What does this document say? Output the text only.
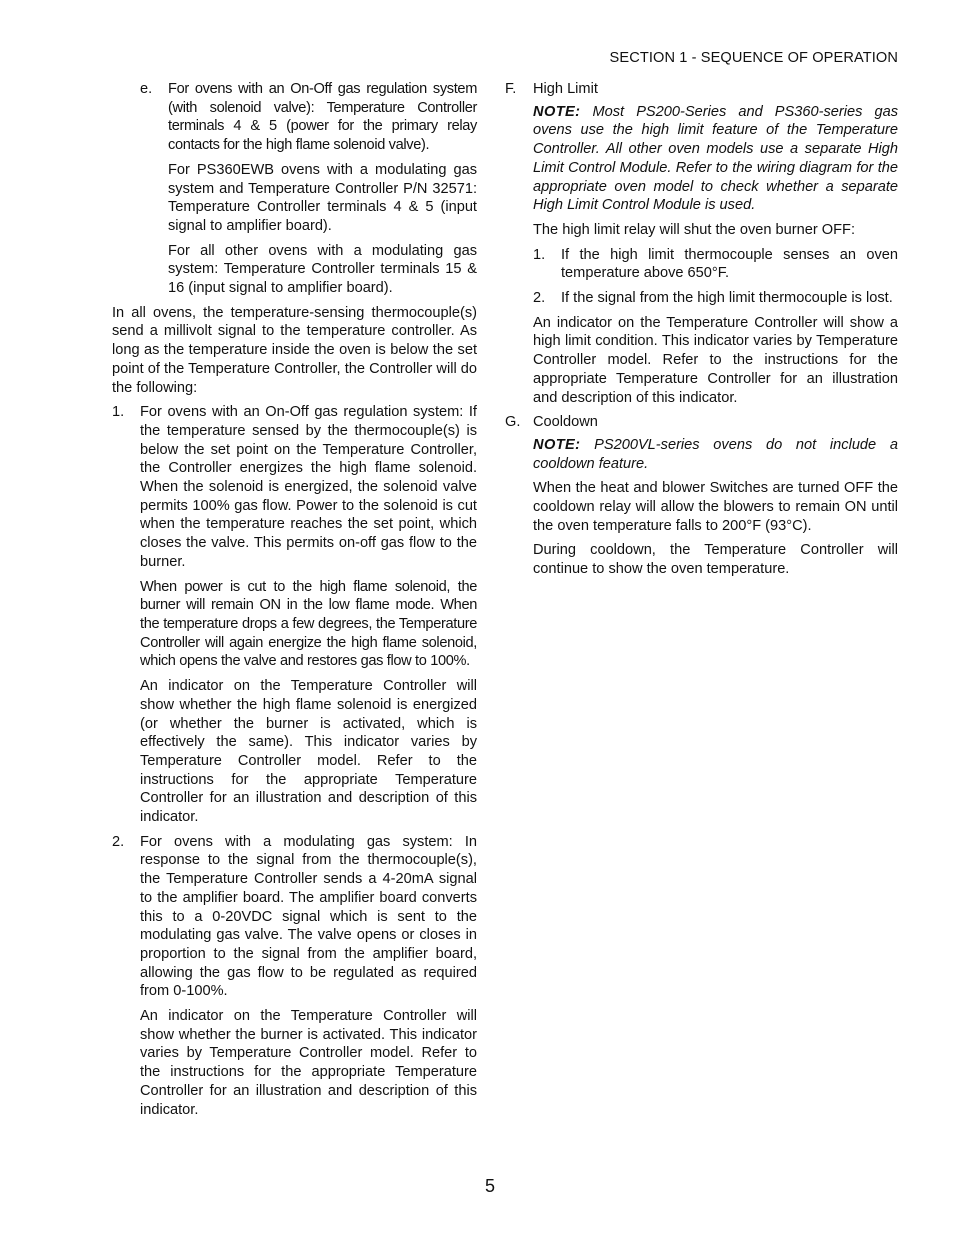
SECTION 1 - SEQUENCE OF OPERATION
e. For ovens with an On-Off gas regulation system (with solenoid valve): Temperature Controller terminals 4 & 5 (power for the primary relay contacts for the high flame solenoid valve).

For PS360EWB ovens with a modulating gas system and Temperature Controller P/N 32571: Temperature Controller terminals 4 & 5 (input signal to amplifier board).

For all other ovens with a modulating gas system: Temperature Controller terminals 15 & 16 (input signal to amplifier board).

In all ovens, the temperature-sensing thermocouple(s) send a millivolt signal to the temperature controller. As long as the temperature inside the oven is below the set point of the Temperature Controller, the Controller will do the following:

1. For ovens with an On-Off gas regulation system: If the temperature sensed by the thermocouple(s) is below the set point on the Temperature Controller, the Controller energizes the high flame solenoid. When the solenoid is energized, the solenoid valve permits 100% gas flow. Power to the solenoid is cut when the temperature reaches the set point, which closes the valve. This permits on-off gas flow to the burner.

When power is cut to the high flame solenoid, the burner will remain ON in the low flame mode. When the temperature drops a few degrees, the Temperature Controller will again energize the high flame solenoid, which opens the valve and restores gas flow to 100%.

An indicator on the Temperature Controller will show whether the high flame solenoid is energized (or whether the burner is activated, which is effectively the same). This indicator varies by Temperature Controller model. Refer to the instructions for the appropriate Temperature Controller for an illustration and description of this indicator.

2. For ovens with a modulating gas system: In response to the signal from the thermocouple(s), the Temperature Controller sends a 4-20mA signal to the amplifier board. The amplifier board converts this to a 0-20VDC signal which is sent to the modulating gas valve. The valve opens or closes in proportion to the signal from the amplifier board, allowing the gas flow to be regulated as required from 0-100%.

An indicator on the Temperature Controller will show whether the burner is activated. This indicator varies by Temperature Controller model. Refer to the instructions for the appropriate Temperature Controller for an illustration and description of this indicator.

F. High Limit

NOTE: Most PS200-Series and PS360-series gas ovens use the high limit feature of the Temperature Controller. All other oven models use a separate High Limit Control Module. Refer to the wiring diagram for the appropriate oven model to check whether a separate High Limit Control Module is used.

The high limit relay will shut the oven burner OFF:

1. If the high limit thermocouple senses an oven temperature above 650°F.

2. If the signal from the high limit thermocouple is lost.

An indicator on the Temperature Controller will show a high limit condition. This indicator varies by Temperature Controller model. Refer to the instructions for the appropriate Temperature Controller for an illustration and description of this indicator.

G. Cooldown

NOTE: PS200VL-series ovens do not include a cooldown feature.

When the heat and blower Switches are turned OFF the cooldown relay will allow the blowers to remain ON until the oven temperature falls to 200°F (93°C).

During cooldown, the Temperature Controller will continue to show the oven temperature.

5
